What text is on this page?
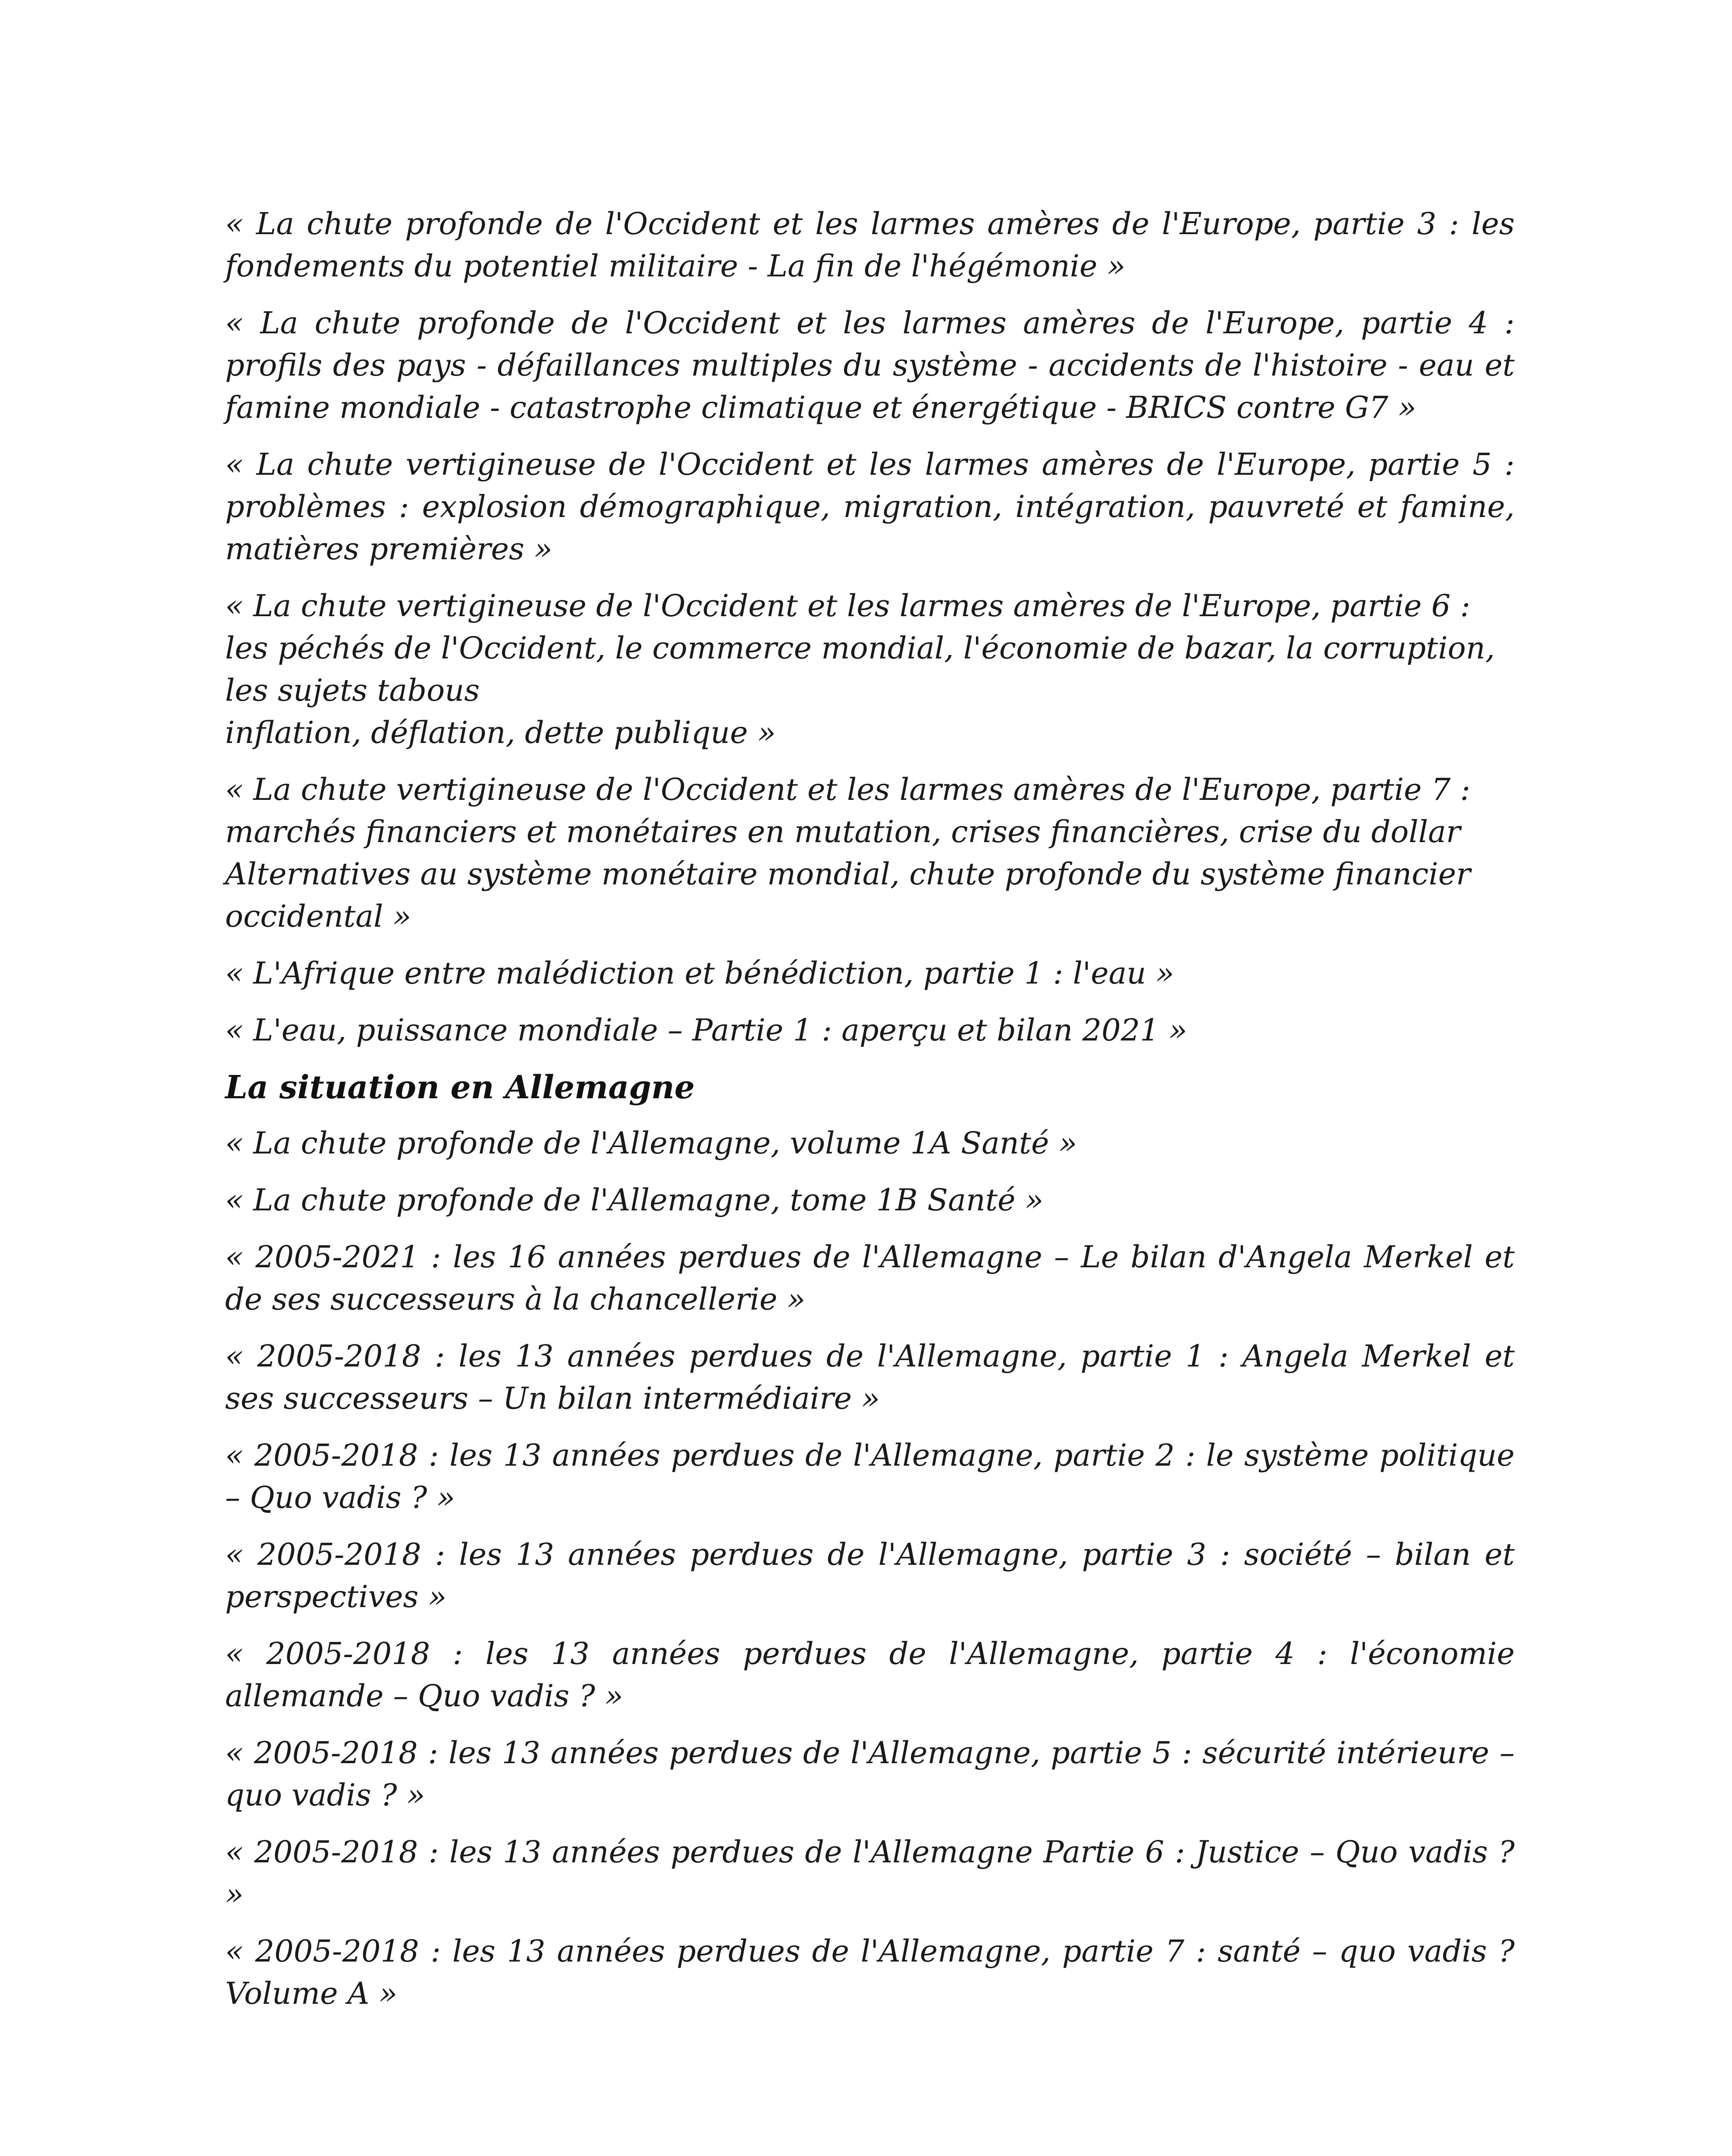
« La chute profonde de l'Occident et les larmes amères de l'Europe, partie 3 : les fondements du potentiel militaire - La fin de l'hégémonie »

« La chute profonde de l'Occident et les larmes amères de l'Europe, partie 4 : profils des pays - défaillances multiples du système - accidents de l'histoire - eau et famine mondiale - catastrophe climatique et énergétique - BRICS contre G7 »

« La chute vertigineuse de l'Occident et les larmes amères de l'Europe, partie 5 : problèmes : explosion démographique, migration, intégration, pauvreté et famine, matières premières »

« La chute vertigineuse de l'Occident et les larmes amères de l'Europe, partie 6 : les péchés de l'Occident, le commerce mondial, l'économie de bazar, la corruption, les sujets tabous
inflation, déflation, dette publique »

« La chute vertigineuse de l'Occident et les larmes amères de l'Europe, partie 7 : marchés financiers et monétaires en mutation, crises financières, crise du dollar Alternatives au système monétaire mondial, chute profonde du système financier occidental »

« L'Afrique entre malédiction et bénédiction, partie 1 : l'eau »

« L'eau, puissance mondiale – Partie 1 : aperçu et bilan 2021 »

La situation en Allemagne

« La chute profonde de l'Allemagne, volume 1A Santé »

« La chute profonde de l'Allemagne, tome 1B Santé »

« 2005-2021 : les 16 années perdues de l'Allemagne – Le bilan d'Angela Merkel et de ses successeurs à la chancellerie »

« 2005-2018 : les 13 années perdues de l'Allemagne, partie 1 : Angela Merkel et ses successeurs – Un bilan intermédiaire »

« 2005-2018 : les 13 années perdues de l'Allemagne, partie 2 : le système politique – Quo vadis ? »

« 2005-2018 : les 13 années perdues de l'Allemagne, partie 3 : société – bilan et perspectives »

« 2005-2018 : les 13 années perdues de l'Allemagne, partie 4 : l'économie allemande – Quo vadis ? »

« 2005-2018 : les 13 années perdues de l'Allemagne, partie 5 : sécurité intérieure – quo vadis ? »

« 2005-2018 : les 13 années perdues de l'Allemagne Partie 6 : Justice – Quo vadis ? »

« 2005-2018 : les 13 années perdues de l'Allemagne, partie 7 : santé – quo vadis ? Volume A »
